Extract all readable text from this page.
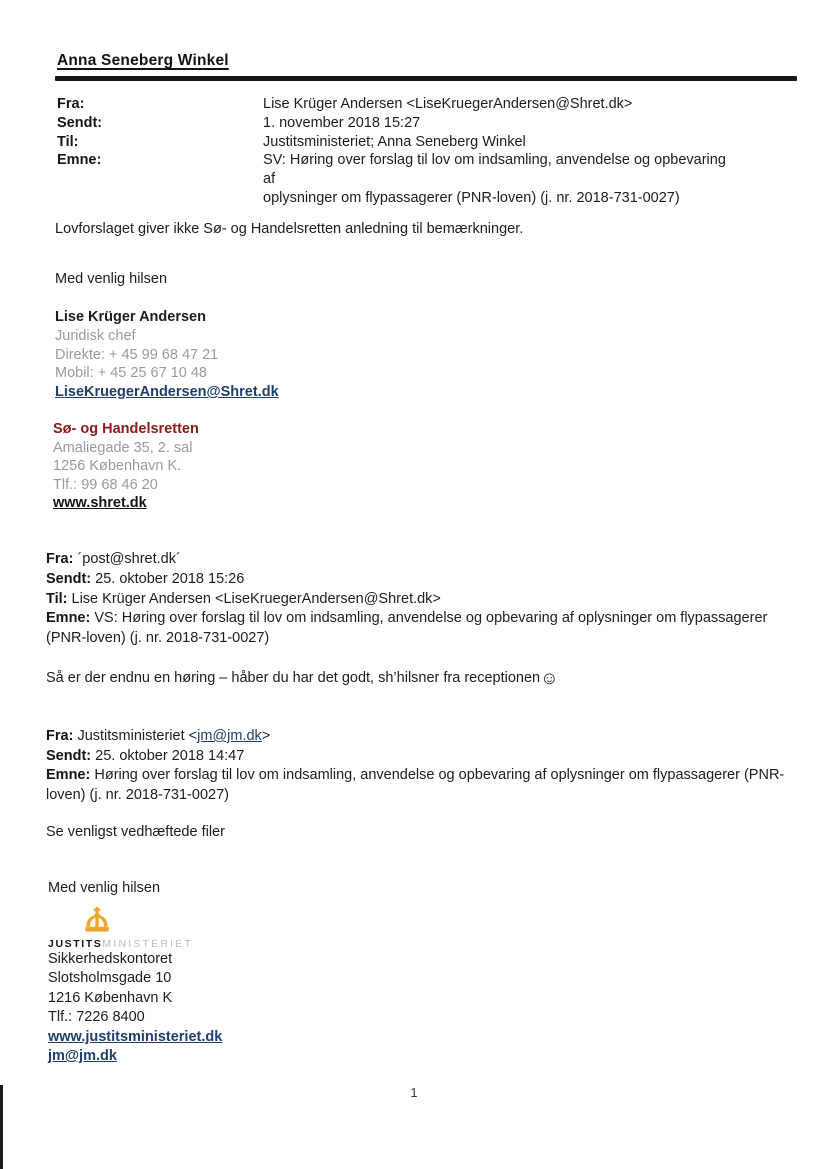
Anna Seneberg Winkel
Fra:	Lise Krüger Andersen <LiseKruegerAndersen@Shret.dk>
Sendt:	1. november 2018 15:27
Til:	Justitsministeriet; Anna Seneberg Winkel
Emne:	SV: Høring over forslag til lov om indsamling, anvendelse og opbevaring af
oplysninger om flypassagerer (PNR-loven) (j. nr. 2018-731-0027)
Lovforslaget giver ikke Sø- og Handelsretten anledning til bemærkninger.
Med venlig hilsen
Lise Krüger Andersen
Juridisk chef
Direkte: + 45 99 68 47 21
Mobil: + 45 25 67 10 48
LiseKruegerAndersen@Shret.dk
Sø- og Handelsretten
Amaliegade 35, 2. sal
1256 København K.
Tlf.: 99 68 46 20
www.shret.dk
Fra: ´post@shret.dk´
Sendt: 25. oktober 2018 15:26
Til: Lise Krüger Andersen <LiseKruegerAndersen@Shret.dk>
Emne: VS: Høring over forslag til lov om indsamling, anvendelse og opbevaring af oplysninger om flypassagerer
(PNR-loven) (j. nr. 2018-731-0027)
Så er der endnu en høring – håber du har det godt, sh’hilsner fra receptionen☺
Fra: Justitsministeriet <jm@jm.dk>
Sendt: 25. oktober 2018 14:47
Emne: Høring over forslag til lov om indsamling, anvendelse og opbevaring af oplysninger om flypassagerer (PNR-
loven) (j. nr. 2018-731-0027)
Se venligst vedhæftede filer
Med venlig hilsen
JUSTITSMINISTERIET
Sikkerhedskontoret
Slotsholmsgade 10
1216 København K
Tlf.: 7226 8400
www.justitsministeriet.dk
jm@jm.dk
1
